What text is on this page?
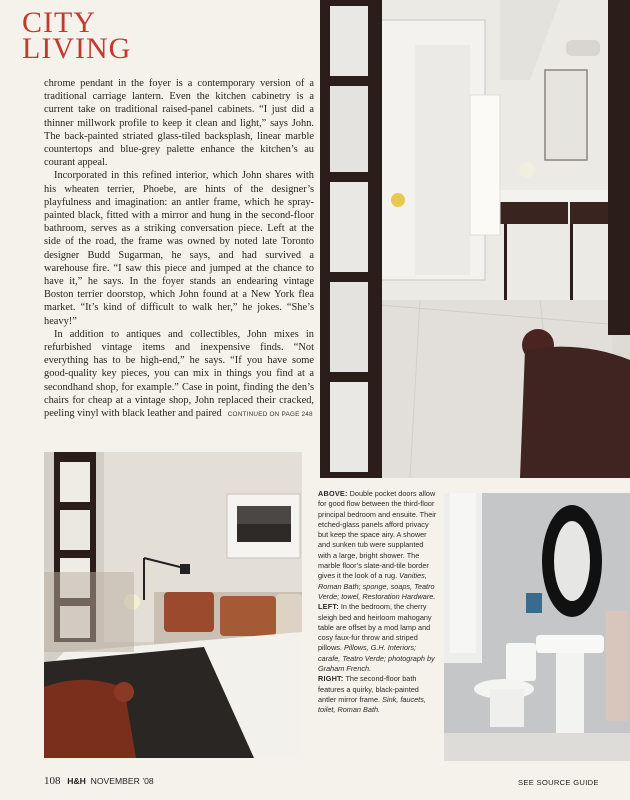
CITY
LIVING

chrome pendant in the foyer is a contemporary version of a traditional carriage lantern. Even the kitchen cabinetry is a current take on traditional raised-panel cabinets. “I just did a thinner millwork profile to keep it clean and light,” says John. The back-painted striated glass-tiled backsplash, linear marble countertops and blue-grey palette enhance the kitchen’s au courant appeal.

Incorporated in this refined interior, which John shares with his wheaten terrier, Phoebe, are hints of the designer’s playfulness and imagination: an antler frame, which he spray-painted black, fitted with a mirror and hung in the second-floor bathroom, serves as a striking conversation piece. Left at the side of the road, the frame was owned by noted late Toronto designer Budd Sugarman, he says, and had survived a warehouse fire. “I saw this piece and jumped at the chance to have it,” he says. In the foyer stands an endearing vintage Boston terrier doorstop, which John found at a New York flea market. “It’s kind of difficult to walk her,” he jokes. “She’s heavy!”

In addition to antiques and collectibles, John mixes in refurbished vintage items and inexpensive finds. “Not everything has to be high-end,” he says. “If you have some good-quality key pieces, you can mix in things you find at a secondhand shop, for example.” Case in point, finding the den’s chairs for cheap at a vintage shop, John replaced their cracked, peeling vinyl with black leather and paired CONTINUED ON PAGE 248

ABOVE: Double pocket doors allow for good flow between the third-floor principal bedroom and ensuite. Their etched-glass panels afford privacy but keep the space airy. A shower and sunken tub were supplanted with a large, bright shower. The marble floor’s slate-and-tile border gives it the look of a rug. Vanities, Roman Bath; sponge, soaps, Teatro Verde; towel, Restoration Hardware.
LEFT: In the bedroom, the cherry sleigh bed and heirloom mahogany table are offset by a mod lamp and cosy faux-fur throw and striped pillows. Pillows, G.H. Interiors; carafe, Teatro Verde; photograph by Graham French.
RIGHT: The second-floor bath features a quirky, black-painted antler mirror frame. Sink, faucets, toilet, Roman Bath.
108 H&H NOVEMBER ’08	SEE SOURCE GUIDE
